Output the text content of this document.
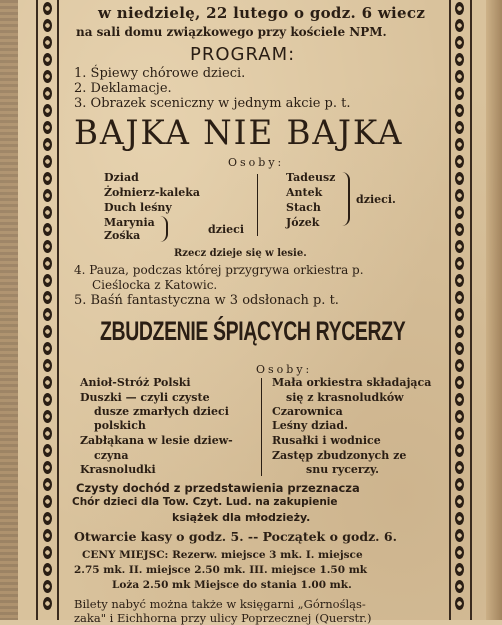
w niedzielę, 22 lutego o godz. 6 wiecz
na sali domu związkowego przy kościele NPM.
PROGRAM:
1. Śpiewy chórowe dzieci.
2. Deklamacje.
3. Obrazek sceniczny w jednym akcie p. t.
BAJKA NIE BAJKA
Osoby:
Dziad
Żołnierz-kaleka
Duch leśny
Marynia
Zośka	dzieci
Tadeusz
Antek
Stach
Józek
dzieci.
Rzecz dzieje się w lesie.
4. Pauza, podczas której przygrywa orkiestra p.
Cieślocka z Katowic.
5. Baśń fantastyczna w 3 odsłonach p. t.
ZBUDZENIE ŚPIĄCYCH RYCERZY
Osoby:
Anioł-Stróż Polski
Duszki — czyli czyste
dusze zmarłych dzieci
polskich
Zabłąkana w lesie dziew-
czyna
Krasnoludki
Mała orkiestra składająca
się z krasnoludków
Czarownica
Leśny dziad.
Rusałki i wodnice
Zastęp zbudzonych ze
snu rycerzy.
Czysty dochód z przedstawienia przeznacza
Chór dzieci dla Tow. Czyt. Lud. na zakupienie
książek dla młodzieży.
Otwarcie kasy o godz. 5. -- Początek o godz. 6.
CENY MIEJSC: Rezerw. miejsce 3 mk. I. miejsce
2.75 mk. II. miejsce 2.50 mk. III. miejsce 1.50 mk
Loża 2.50 mk Miejsce do stania 1.00 mk.
Bilety nabyć można także w księgarni „Górnośląs-
zaka" i Eichhorna przy ulicy Poprzecznej (Querstr.)
